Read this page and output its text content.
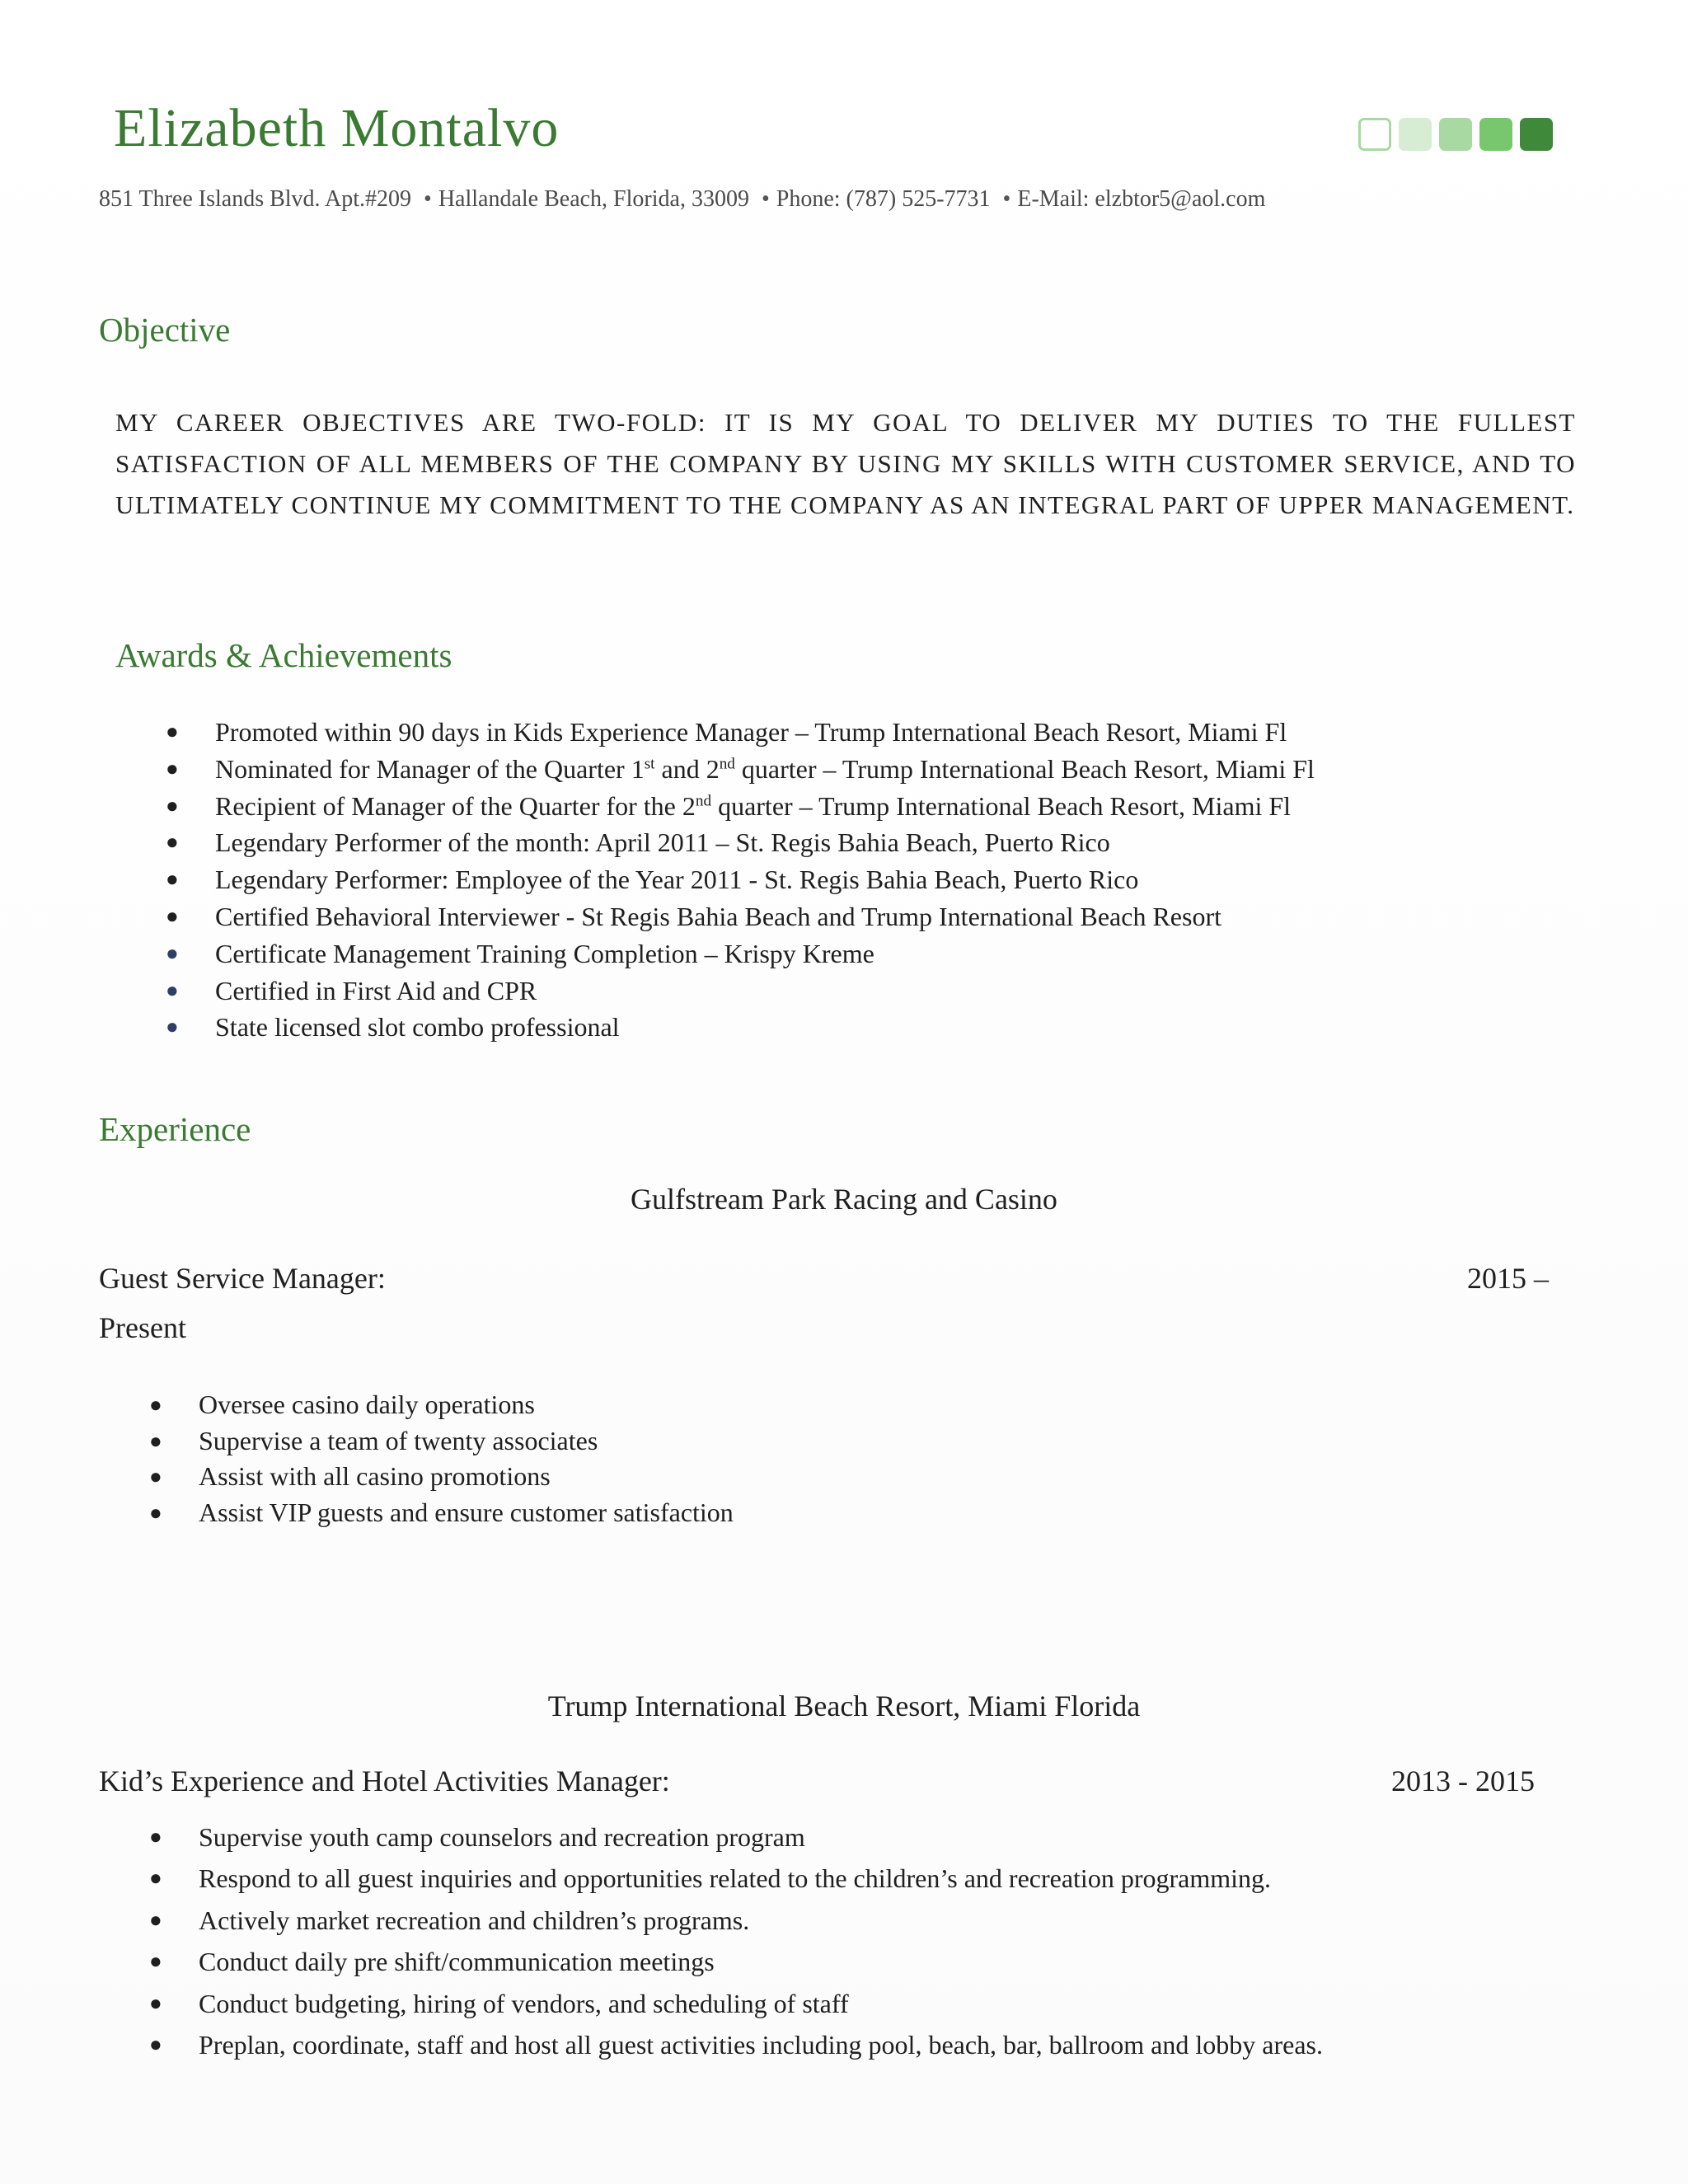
Elizabeth Montalvo
851 Three Islands Blvd. Apt.#209 • Hallandale Beach, Florida, 33009 • Phone: (787) 525-7731 • E-Mail: elzbtor5@aol.com
Objective
MY CAREER OBJECTIVES ARE TWO-FOLD: IT IS MY GOAL TO DELIVER MY DUTIES TO THE FULLEST SATISFACTION OF ALL MEMBERS OF THE COMPANY BY USING MY SKILLS WITH CUSTOMER SERVICE, AND TO ULTIMATELY CONTINUE MY COMMITMENT TO THE COMPANY AS AN INTEGRAL PART OF UPPER MANAGEMENT.
Awards & Achievements
● Promoted within 90 days in Kids Experience Manager – Trump International Beach Resort, Miami Fl
● Nominated for Manager of the Quarter 1st and 2nd quarter – Trump International Beach Resort, Miami Fl
● Recipient of Manager of the Quarter for the 2nd quarter – Trump International Beach Resort, Miami Fl
● Legendary Performer of the month: April 2011 – St. Regis Bahia Beach, Puerto Rico
● Legendary Performer: Employee of the Year 2011 - St. Regis Bahia Beach, Puerto Rico
● Certified Behavioral Interviewer - St Regis Bahia Beach and Trump International Beach Resort
● Certificate Management Training Completion – Krispy Kreme
● Certified in First Aid and CPR
● State licensed slot combo professional
Experience
Gulfstream Park Racing and Casino
Guest Service Manager:	2015 –
Present
● Oversee casino daily operations
● Supervise a team of twenty associates
● Assist with all casino promotions
● Assist VIP guests and ensure customer satisfaction
Trump International Beach Resort, Miami Florida
Kid’s Experience and Hotel Activities Manager:	2013 - 2015
● Supervise youth camp counselors and recreation program
● Respond to all guest inquiries and opportunities related to the children’s and recreation programming.
● Actively market recreation and children’s programs.
● Conduct daily pre shift/communication meetings
● Conduct budgeting, hiring of vendors, and scheduling of staff
● Preplan, coordinate, staff and host all guest activities including pool, beach, bar, ballroom and lobby areas.
